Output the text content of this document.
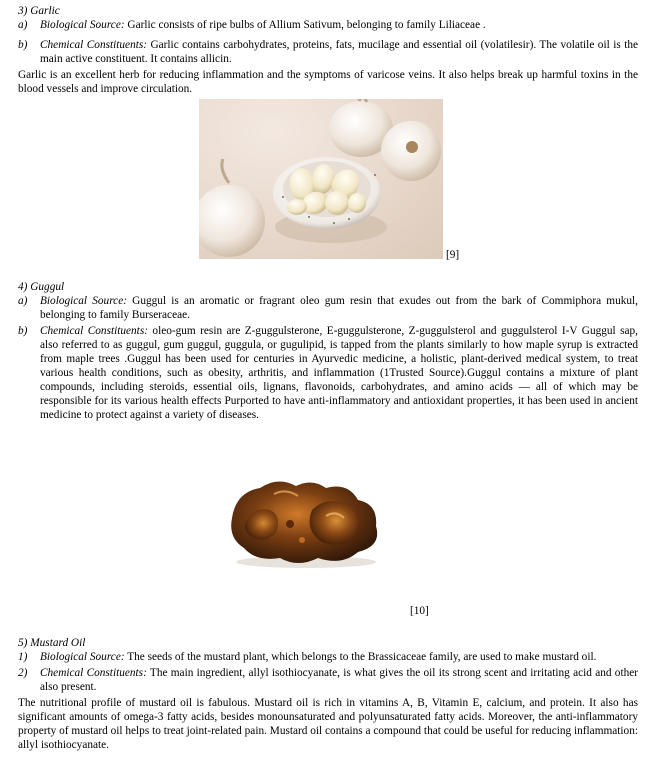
3) Garlic
a) Biological Source: Garlic consists of ripe bulbs of Allium Sativum, belonging to family Liliaceae .
b) Chemical Constituents: Garlic contains carbohydrates, proteins, fats, mucilage and essential oil (volatilesir). The volatile oil is the main active constituent. It contains allicin.
Garlic is an excellent herb for reducing inflammation and the symptoms of varicose veins. It also helps break up harmful toxins in the blood vessels and improve circulation.
[9]
4) Guggul
a) Biological Source: Guggul is an aromatic or fragrant oleo gum resin that exudes out from the bark of Commiphora mukul, belonging to family Burseraceae.
b) Chemical Constituents: oleo-gum resin are Z-guggulsterone, E-guggulsterone, Z-guggulsterol and guggulsterol I-V Guggul sap, also referred to as guggul, gum guggul, guggula, or gugulipid, is tapped from the plants similarly to how maple syrup is extracted from maple trees .Guggul has been used for centuries in Ayurvedic medicine, a holistic, plant-derived medical system, to treat various health conditions, such as obesity, arthritis, and inflammation (1Trusted Source).Guggul contains a mixture of plant compounds, including steroids, essential oils, lignans, flavonoids, carbohydrates, and amino acids — all of which may be responsible for its various health effects Purported to have anti-inflammatory and antioxidant properties, it has been used in ancient medicine to protect against a variety of diseases.
[10]
5) Mustard Oil
1) Biological Source: The seeds of the mustard plant, which belongs to the Brassicaceae family, are used to make mustard oil.
2) Chemical Constituents: The main ingredient, allyl isothiocyanate, is what gives the oil its strong scent and irritating acid and other also present.
The nutritional profile of mustard oil is fabulous. Mustard oil is rich in vitamins A, B, Vitamin E, calcium, and protein. It also has significant amounts of omega-3 fatty acids, besides monounsaturated and polyunsaturated fatty acids. Moreover, the anti-inflammatory property of mustard oil helps to treat joint-related pain. Mustard oil contains a compound that could be useful for reducing inflammation: allyl isothiocyanate.
